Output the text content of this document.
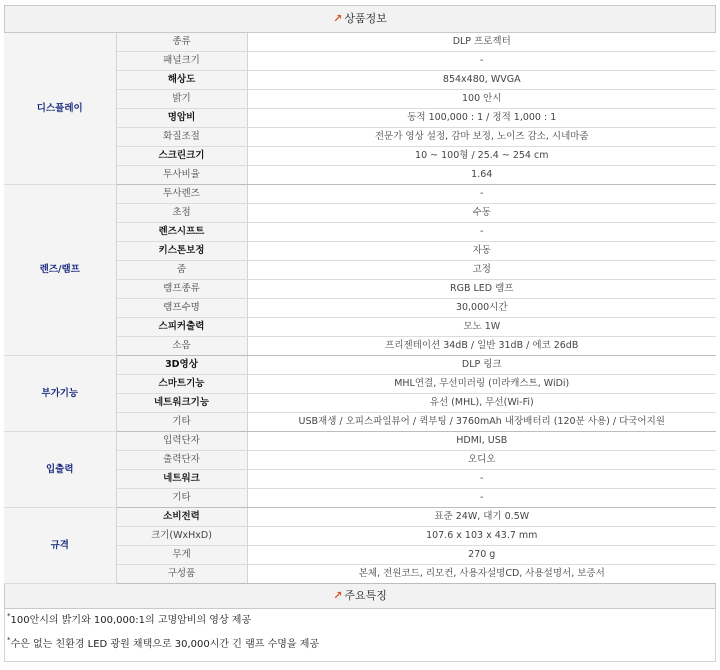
↗ 상품정보
디스플레이	종류	DLP 프로젝터
	패널크기	-
	해상도	854x480, WVGA
	밝기	100 안시
	명암비	동적 100,000 : 1 / 정적 1,000 : 1
	화질조절	전문가 영상 설정, 감마 보정, 노이즈 감소, 시네마줌
	스크린크기	10 ~ 100형 / 25.4 ~ 254 cm
	투사비율	1.64
렌즈/램프	투사렌즈	-
	초점	수동
	렌즈시프트	-
	키스톤보정	자동
	줌	고정
	램프종류	RGB LED 램프
	램프수명	30,000시간
	스피커출력	모노 1W
	소음	프리젠테이션 34dB / 일반 31dB / 에코 26dB
부가기능	3D영상	DLP 링크
	스마트기능	MHL연결, 무선미러링 (미라캐스트, WiDi)
	네트워크기능	유선 (MHL), 무선(Wi-Fi)
	기타	USB재생 / 오피스파일뷰어 / 퀵부팅 / 3760mAh 내장배터리 (120분 사용) / 다국어지원
입출력	입력단자	HDMI, USB
	출력단자	오디오
	네트워크	-
	기타	-
규격	소비전력	표준 24W, 대기 0.5W
	크기(WxHxD)	107.6 x 103 x 43.7 mm
	무게	270 g
	구성품	본체, 전원코드, 리모컨, 사용자설명CD, 사용설명서, 보증서
↗ 주요특징
*100안시의 밝기와 100,000:1의 고명암비의 영상 제공
*수은 없는 친환경 LED 광원 채택으로 30,000시간 긴 램프 수명을 제공
